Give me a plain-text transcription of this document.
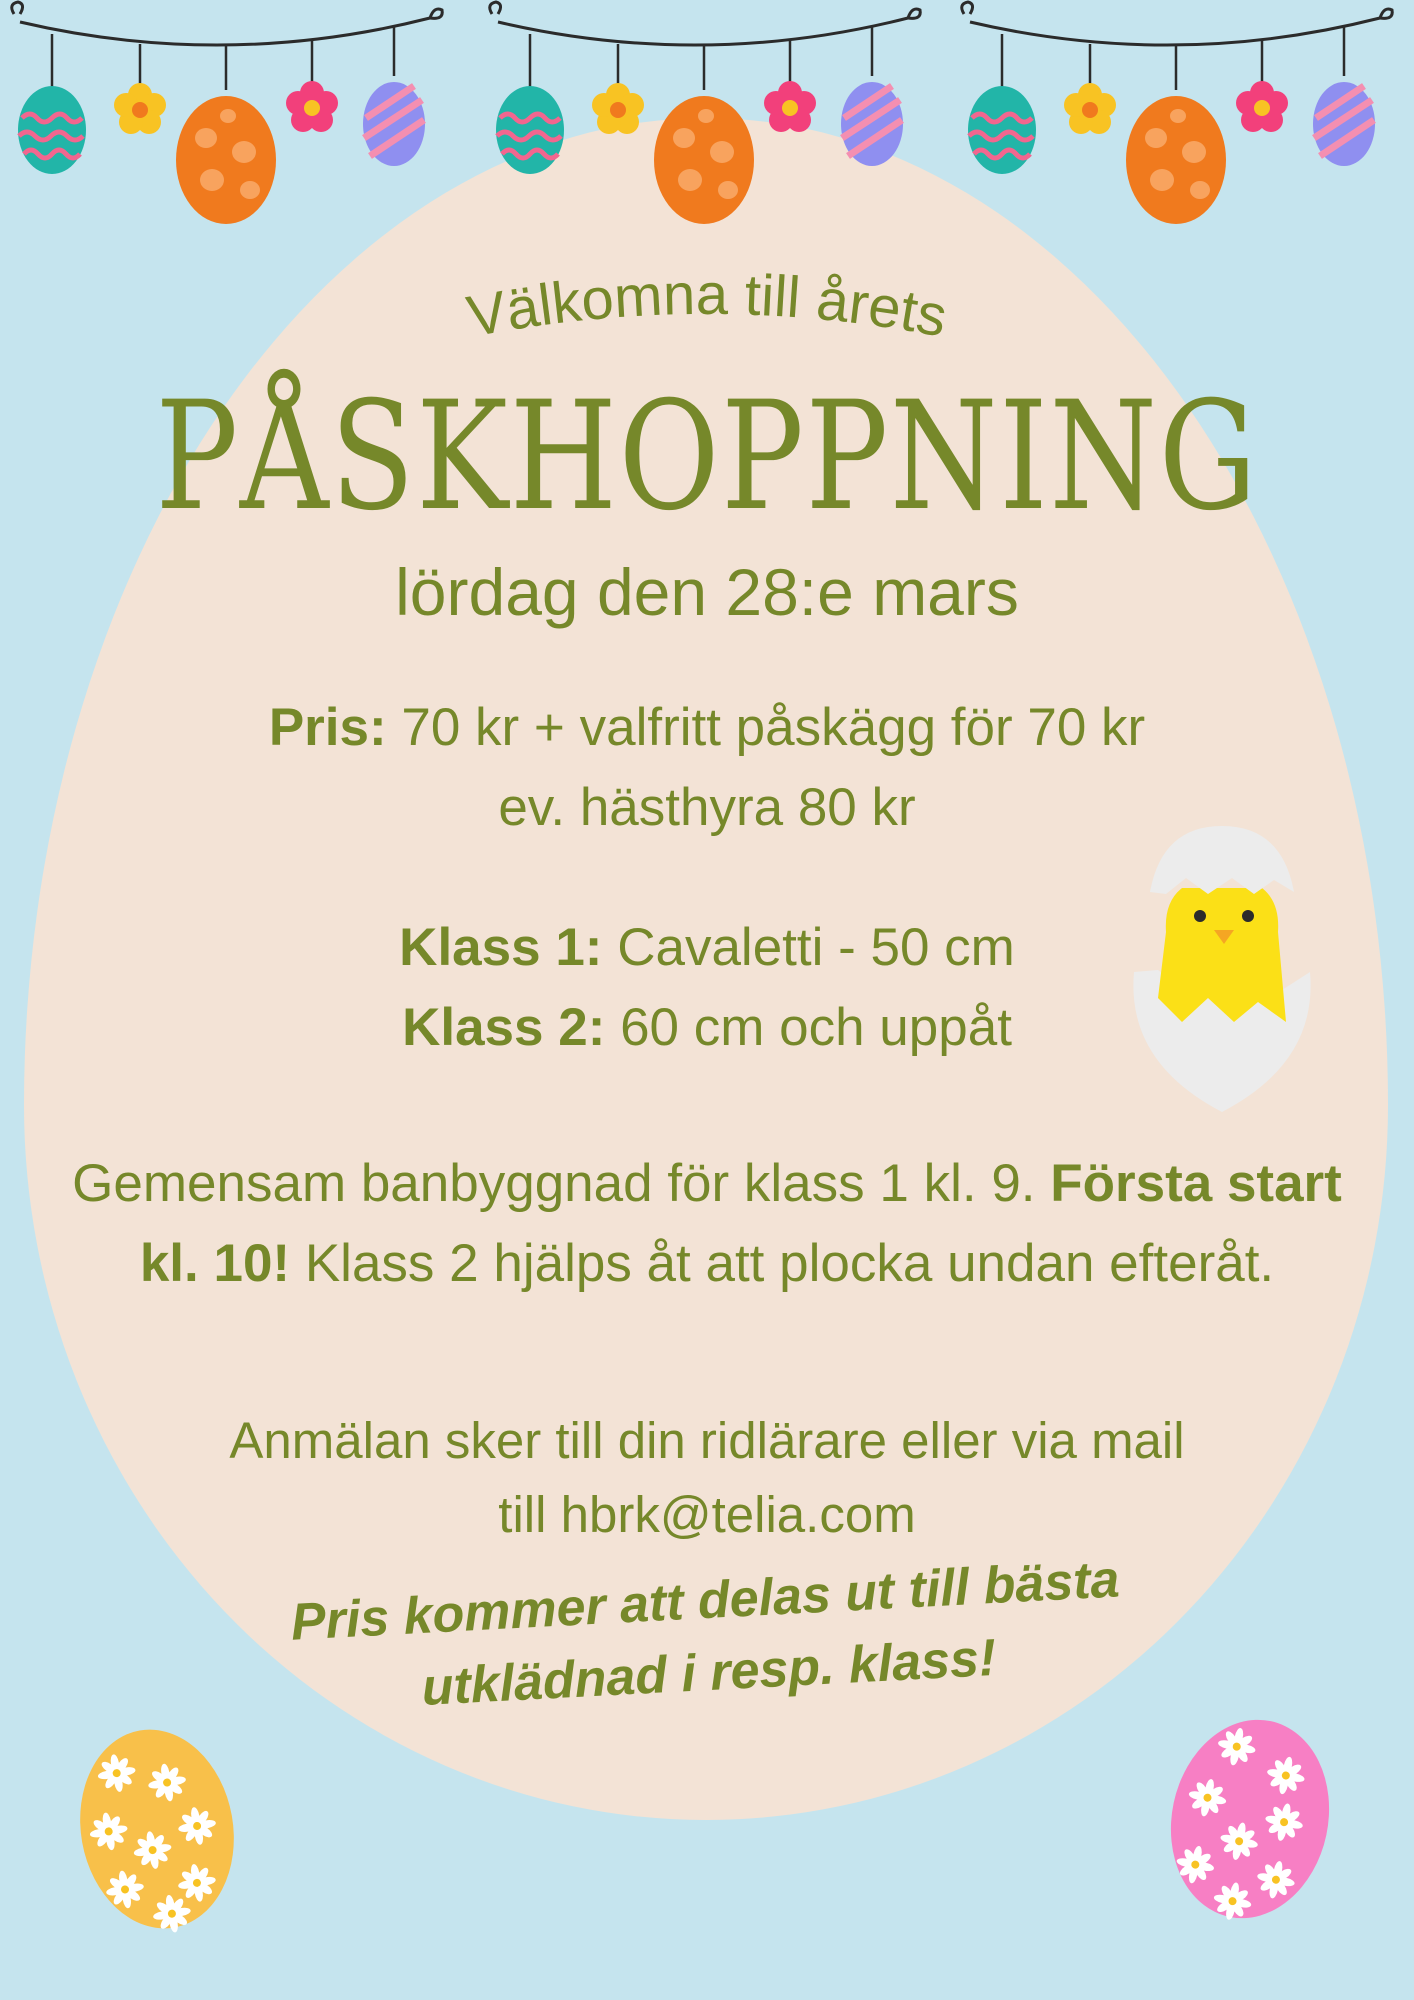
Välkomna till årets
PÅSKHOPPNING
lördag den 28:e mars
Pris: 70 kr + valfritt påskägg för 70 kr
ev. hästhyra 80 kr
Klass 1: Cavaletti - 50 cm
Klass 2: 60 cm och uppåt
Gemensam banbyggnad för klass 1 kl. 9. Första start kl. 10! Klass 2 hjälps åt att plocka undan efteråt.
Anmälan sker till din ridlärare eller via mail
till hbrk@telia.com
Pris kommer att delas ut till bästa
utklädnad i resp. klass!
